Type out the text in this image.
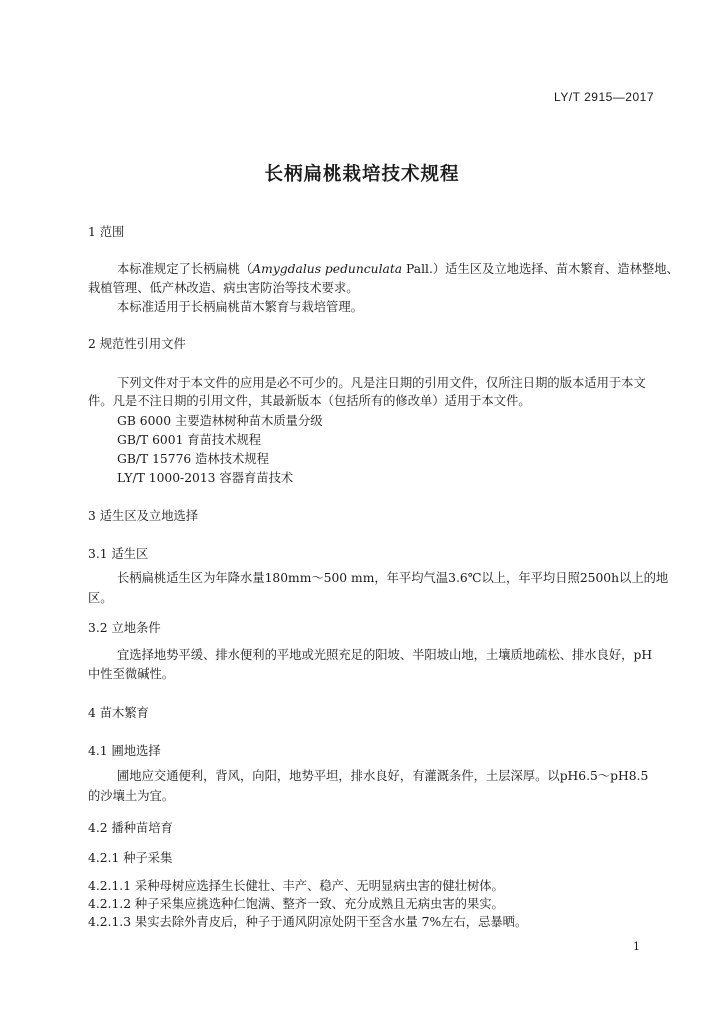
LY/T 2915—2017
长柄扁桃栽培技术规程
1 范围
本标准规定了长柄扁桃（Amygdalus pedunculata Pall.）适生区及立地选择、苗木繁育、造林整地、
栽植管理、低产林改造、病虫害防治等技术要求。
本标准适用于长柄扁桃苗木繁育与栽培管理。
2 规范性引用文件
下列文件对于本文件的应用是必不可少的。凡是注日期的引用文件，仅所注日期的版本适用于本文
件。凡是不注日期的引用文件，其最新版本（包括所有的修改单）适用于本文件。
GB 6000 主要造林树种苗木质量分级
GB/T 6001 育苗技术规程
GB/T 15776 造林技术规程
LY/T 1000-2013 容器育苗技术
3 适生区及立地选择
3.1 适生区
长柄扁桃适生区为年降水量180mm～500 mm，年平均气温3.6℃以上，年平均日照2500h以上的地
区。
3.2 立地条件
宜选择地势平缓、排水便利的平地或光照充足的阳坡、半阳坡山地，土壤质地疏松、排水良好，pH
中性至微碱性。
4 苗木繁育
4.1 圃地选择
圃地应交通便利，背风，向阳，地势平坦，排水良好，有灌溉条件，土层深厚。以pH6.5～pH8.5
的沙壤土为宜。
4.2 播种苗培育
4.2.1 种子采集
4.2.1.1 采种母树应选择生长健壮、丰产、稳产、无明显病虫害的健壮树体。
4.2.1.2 种子采集应挑选种仁饱满、整齐一致、充分成熟且无病虫害的果实。
4.2.1.3 果实去除外青皮后，种子于通风阴凉处阴干至含水量 7%左右，忌暴晒。
1
